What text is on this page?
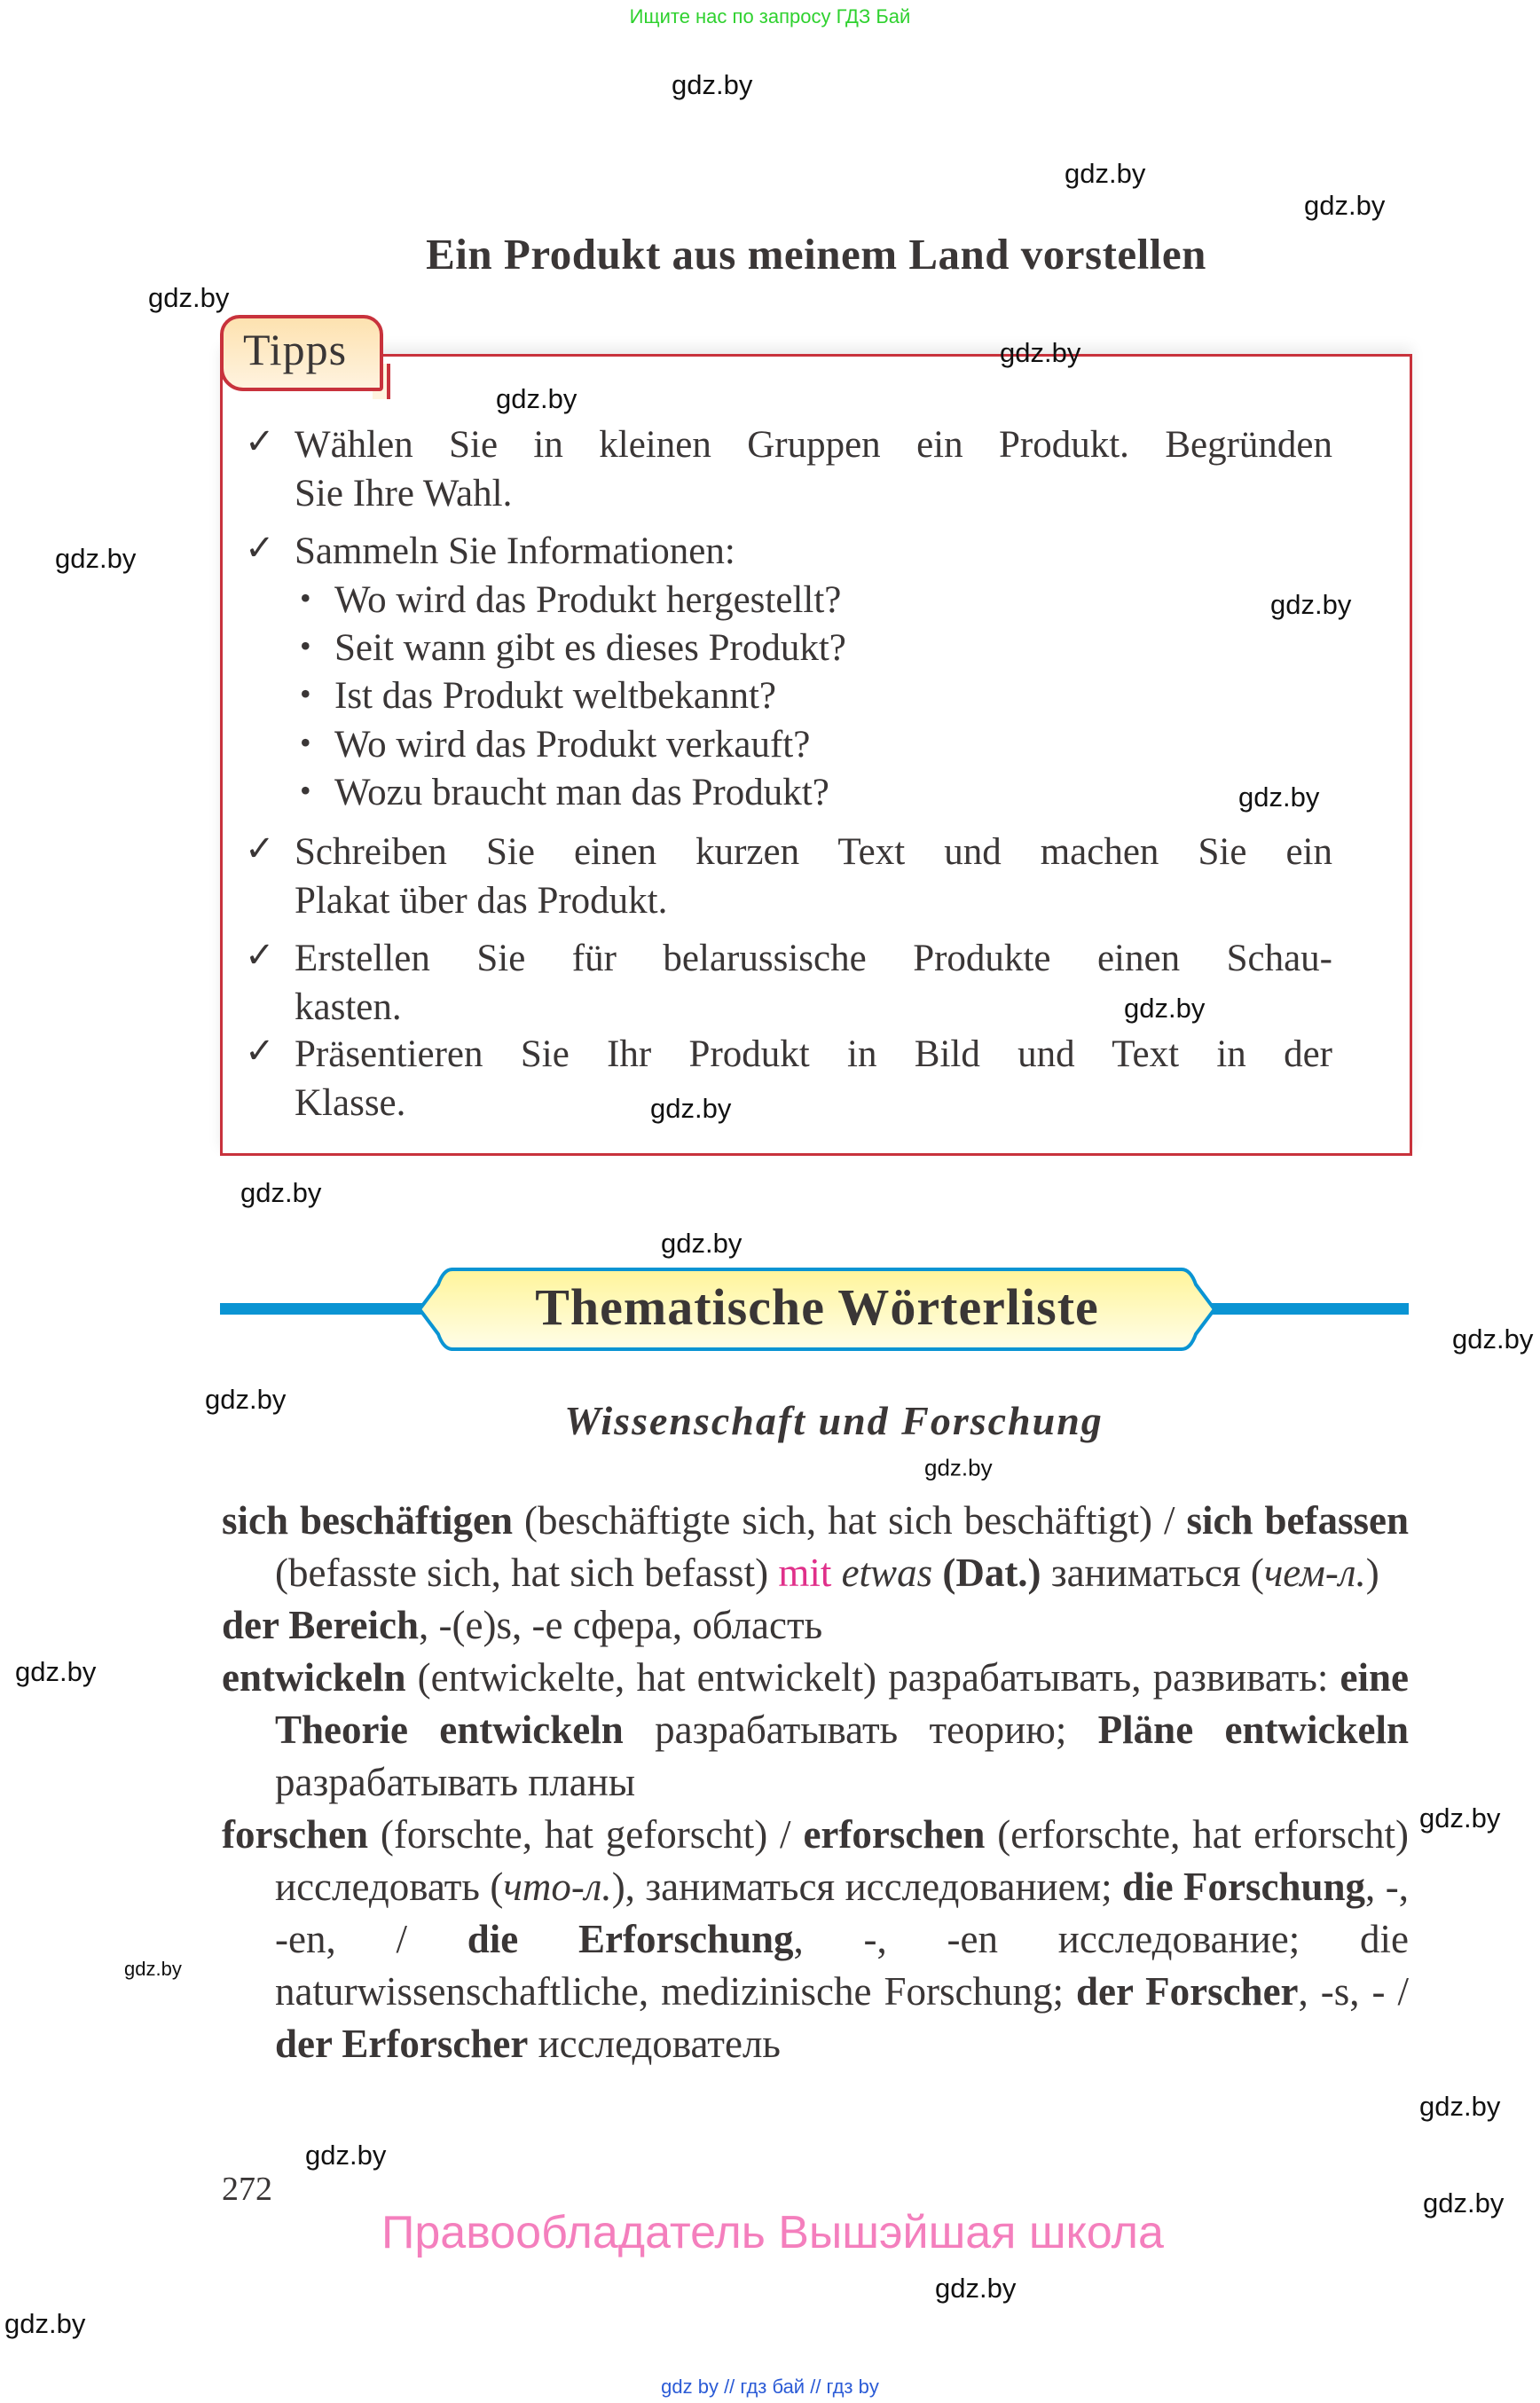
Ищите нас по запросу ГДЗ Бай
Ein Produkt aus meinem Land vorstellen
Tipps
✓ Wählen Sie in kleinen Gruppen ein Produkt. Begründen
Sie Ihre Wahl.
✓ Sammeln Sie Informationen:
• Wo wird das Produkt hergestellt?
• Seit wann gibt es dieses Produkt?
• Ist das Produkt weltbekannt?
• Wo wird das Produkt verkauft?
• Wozu braucht man das Produkt?
✓ Schreiben Sie einen kurzen Text und machen Sie ein
Plakat über das Produkt.
✓ Erstellen Sie für belarussische Produkte einen Schau-
kasten.
✓ Präsentieren Sie Ihr Produkt in Bild und Text in der
Klasse.
Thematische Wörterliste
Wissenschaft und Forschung

sich beschäftigen (beschäftigte sich, hat sich beschäftigt) / sich befassen (befasste sich, hat sich befasst) mit etwas (Dat.) заниматься (чем-л.)

der Bereich, -(e)s, -e сфера, область

entwickeln (entwickelte, hat entwickelt) разрабатывать, развивать: eine Theorie entwickeln разрабатывать теорию; Pläne entwickeln разрабатывать планы

forschen (forschte, hat geforscht) / erforschen (erforschte, hat erforscht) исследовать (что-л.), заниматься исследованием; die Forschung, -, -en, / die Erforschung, -, -en исследование; die naturwissenschaftliche, medizinische Forschung; der Forscher, -s, - / der Erforscher исследователь

272
Правообладатель Вышэйшая школа
gdz by // гдз бай // гдз by
gdz.by
gdz.by
gdz.by
gdz.by
gdz.by
gdz.by
gdz.by
gdz.by
gdz.by
gdz.by
gdz.by
gdz.by
gdz.by
gdz.by
gdz.by
gdz.by
gdz.by
gdz.by
gdz.by
gdz.by
gdz.by
gdz.by
gdz.by
gdz.by
